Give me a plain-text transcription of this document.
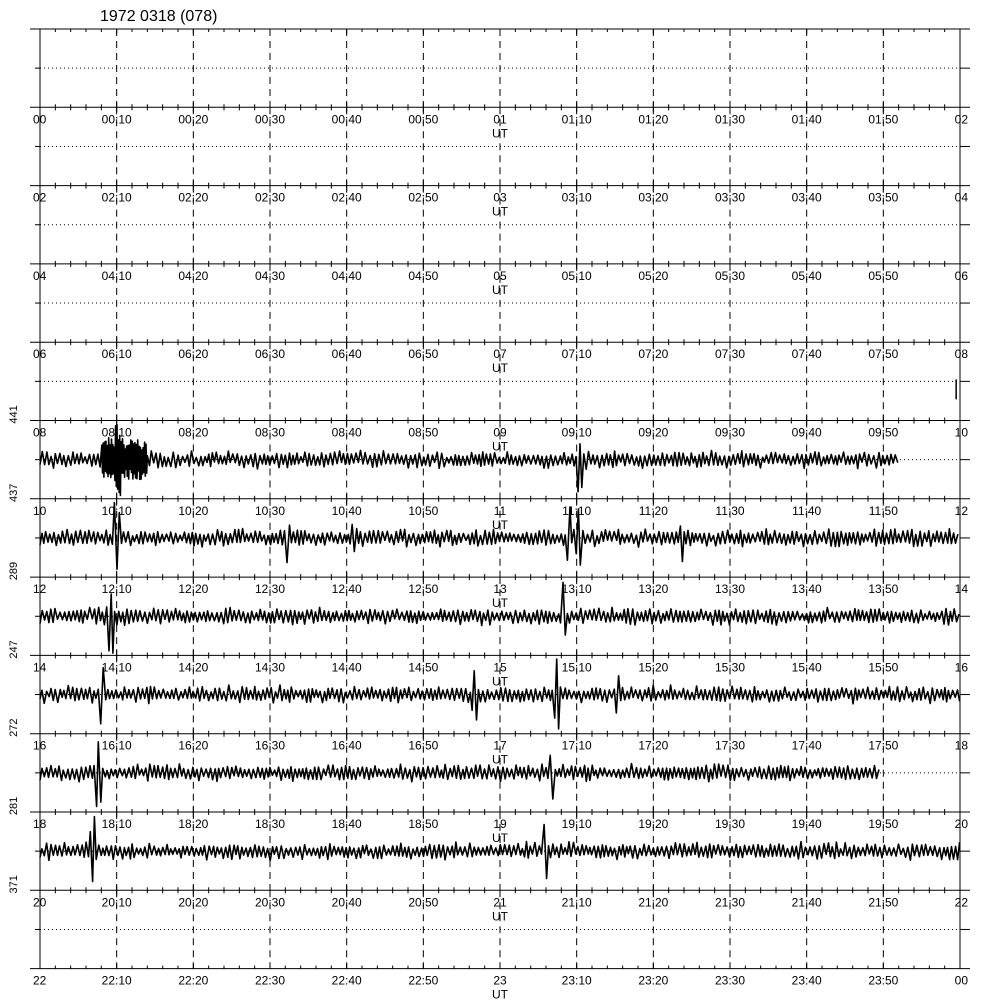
1972 0318 (078)
00	00:10	00:20	00:30	00:40	00:50	01	01:10	01:20	01:30	01:40	01:50	02
UT
02	02:10	02:20	02:30	02:40	02:50	03	03:10	03:20	03:30	03:40	03:50	04
UT
04	04:10	04:20	04:30	04:40	04:50	05	05:10	05:20	05:30	05:40	05:50	06
UT
06	06:10	06:20	06:30	06:40	06:50	07	07:10	07:20	07:30	07:40	07:50	08
UT
08	08:10	08:20	08:30	08:40	08:50	09	09:10	09:20	09:30	09:40	09:50	10
UT
441
10	10:10	10:20	10:30	10:40	10:50	11	11:10	11:20	11:30	11:40	11:50	12
UT
437
12	12:10	12:20	12:30	12:40	12:50	13	13:10	13:20	13:30	13:40	13:50	14
UT
289
14	14:10	14:20	14:30	14:40	14:50	15	15:10	15:20	15:30	15:40	15:50	16
UT
247
16	16:10	16:20	16:30	16:40	16:50	17	17:10	17:20	17:30	17:40	17:50	18
UT
272
18	18:10	18:20	18:30	18:40	18:50	19	19:10	19:20	19:30	19:40	19:50	20
UT
281
20	20:10	20:20	20:30	20:40	20:50	21	21:10	21:20	21:30	21:40	21:50	22
UT
371
22	22:10	22:20	22:30	22:40	22:50	23	23:10	23:20	23:30	23:40	23:50	00
UT
